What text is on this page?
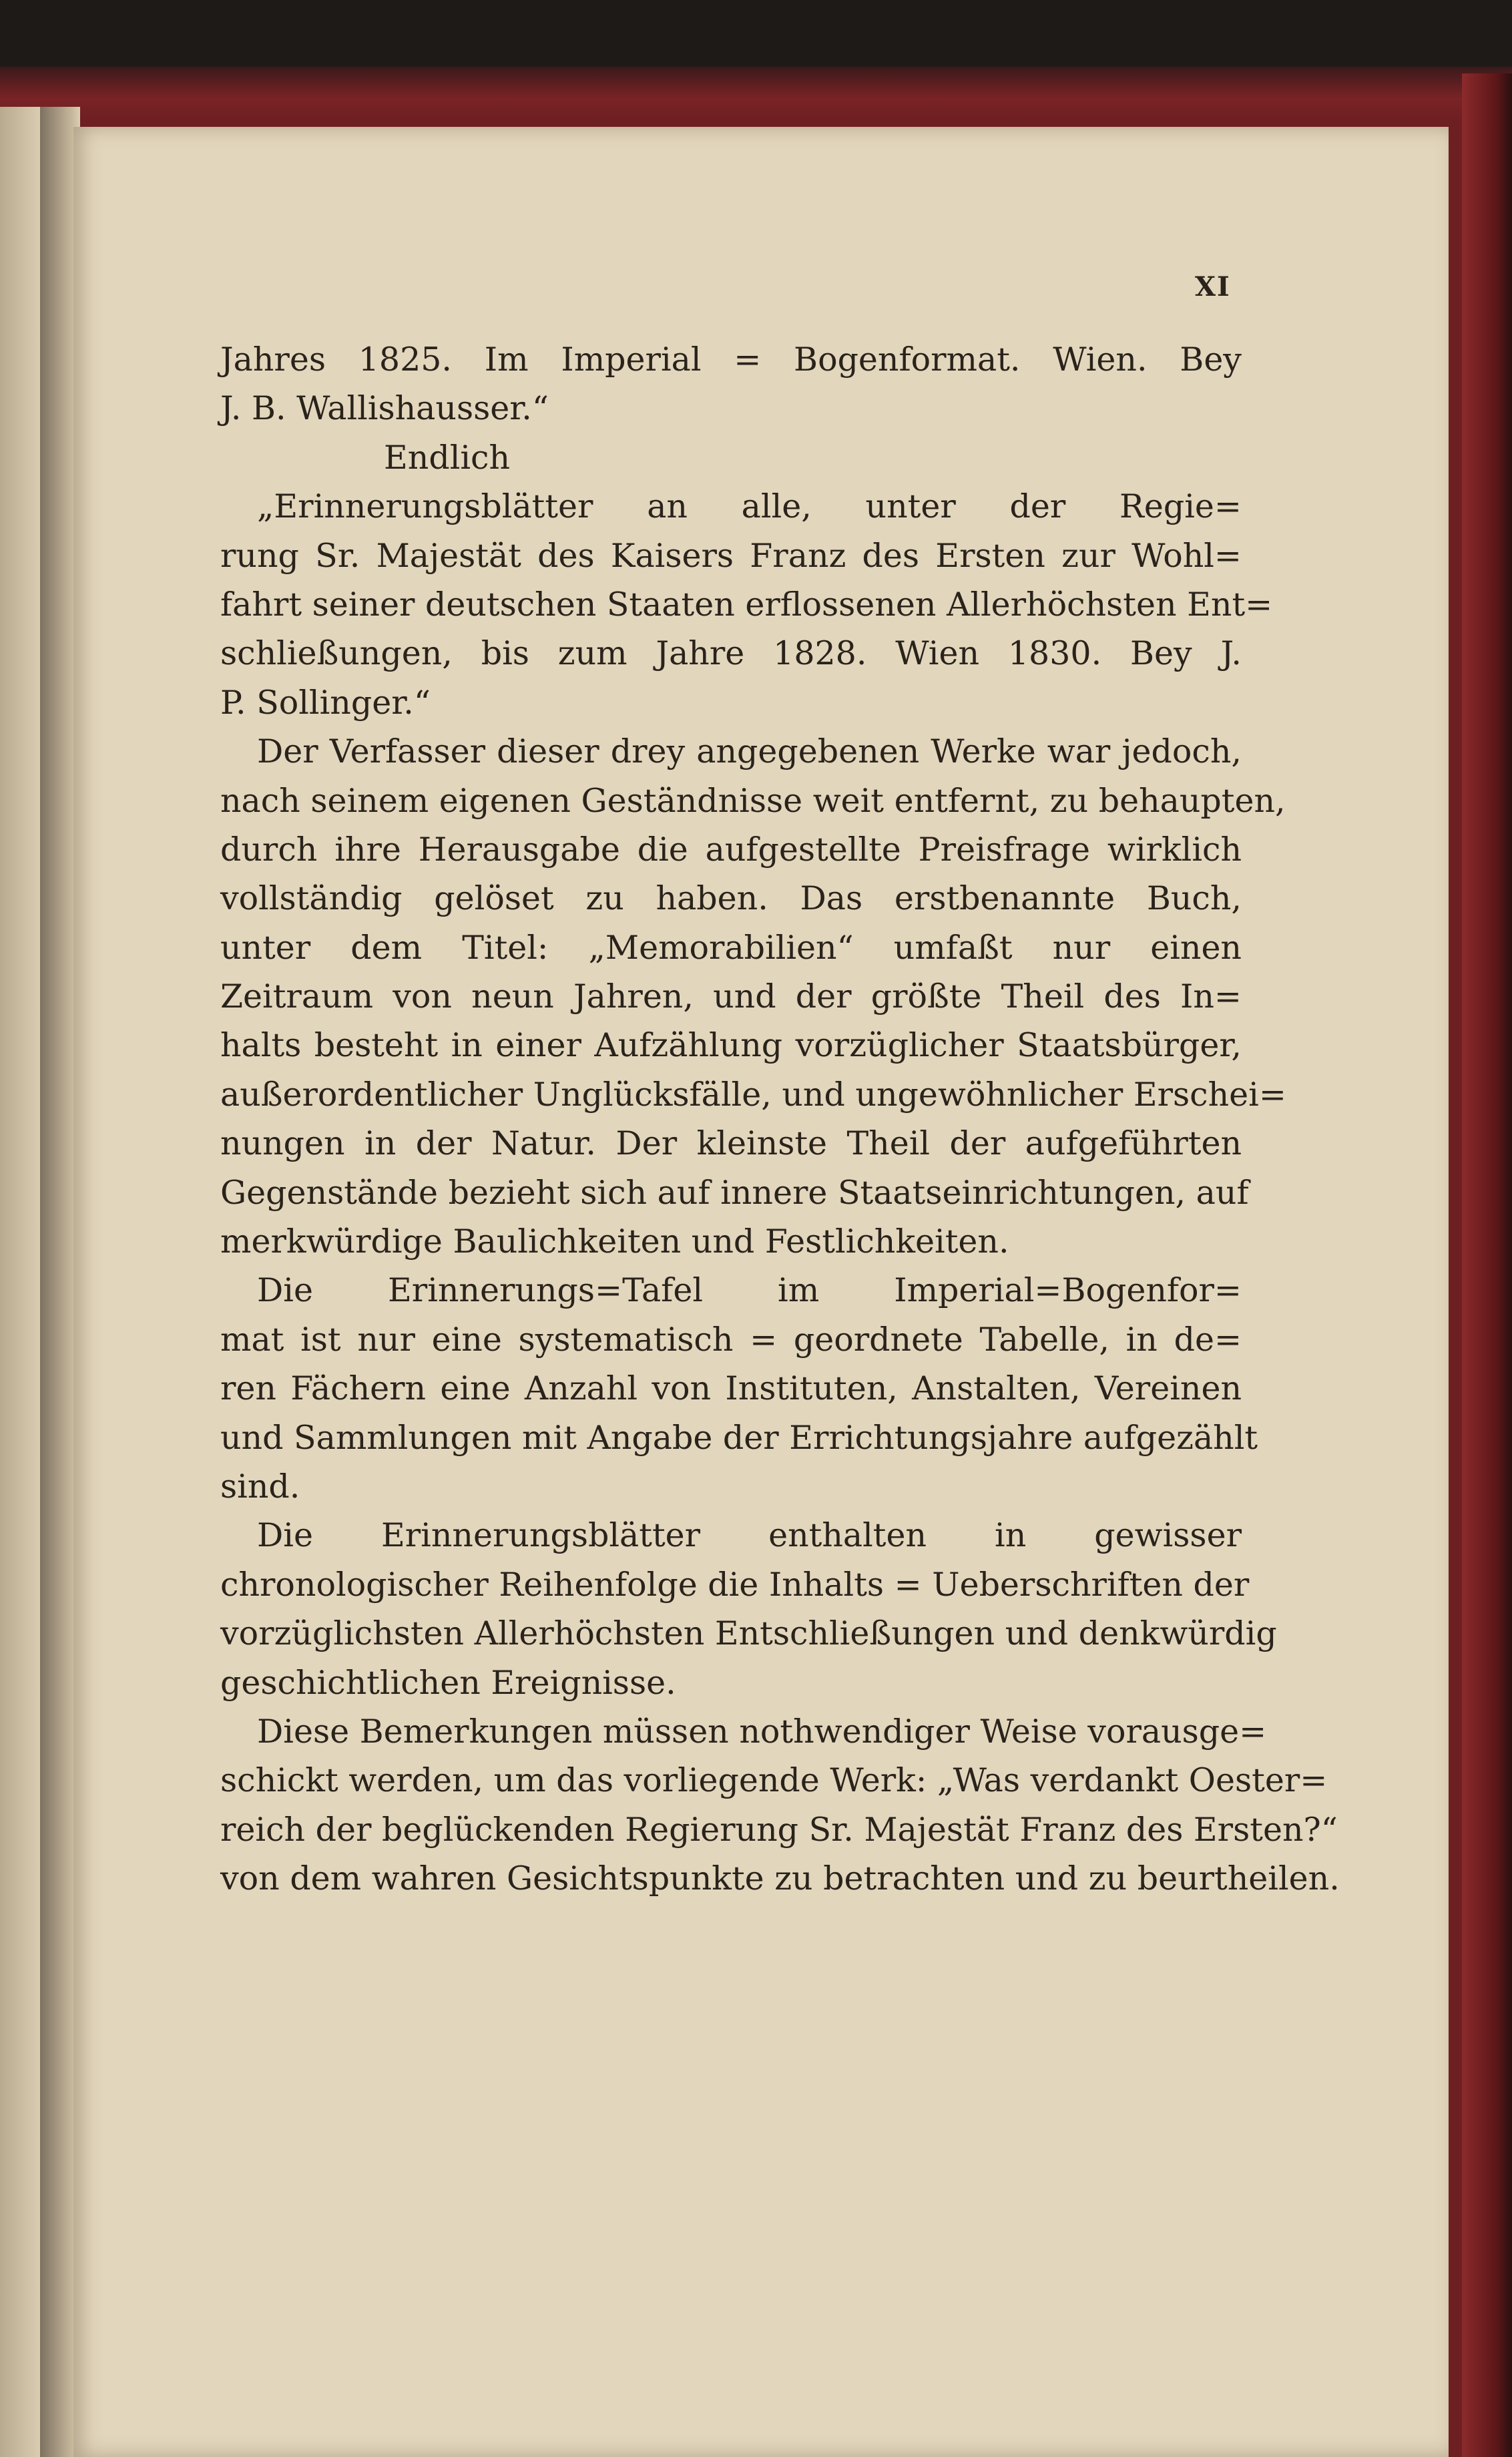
XI
Jahres 1825. Im Imperial = Bogenformat. Wien. Bey
J. B. Wallishausser.“
Endlich
„Erinnerungsblätter an alle, unter der Regie=
rung Sr. Majestät des Kaisers Franz des Ersten zur Wohl=
fahrt seiner deutschen Staaten erflossenen Allerhöchsten Ent=
schließungen, bis zum Jahre 1828. Wien 1830. Bey J.
P. Sollinger.“
Der Verfasser dieser drey angegebenen Werke war jedoch,
nach seinem eigenen Geständnisse weit entfernt, zu behaupten,
durch ihre Herausgabe die aufgestellte Preisfrage wirklich
vollständig gelöset zu haben. Das erstbenannte Buch,
unter dem Titel: „Memorabilien“ umfaßt nur einen
Zeitraum von neun Jahren, und der größte Theil des In=
halts besteht in einer Aufzählung vorzüglicher Staatsbürger,
außerordentlicher Unglücksfälle, und ungewöhnlicher Erschei=
nungen in der Natur. Der kleinste Theil der aufgeführten
Gegenstände bezieht sich auf innere Staatseinrichtungen, auf
merkwürdige Baulichkeiten und Festlichkeiten.
Die Erinnerungs=Tafel im Imperial=Bogenfor=
mat ist nur eine systematisch = geordnete Tabelle, in de=
ren Fächern eine Anzahl von Instituten, Anstalten, Vereinen
und Sammlungen mit Angabe der Errichtungsjahre aufgezählt
sind.
Die Erinnerungsblätter enthalten in gewisser
chronologischer Reihenfolge die Inhalts = Ueberschriften der
vorzüglichsten Allerhöchsten Entschließungen und denkwürdig
geschichtlichen Ereignisse.
Diese Bemerkungen müssen nothwendiger Weise vorausge=
schickt werden, um das vorliegende Werk: „Was verdankt Oester=
reich der beglückenden Regierung Sr. Majestät Franz des Ersten?“
von dem wahren Gesichtspunkte zu betrachten und zu beurtheilen.
